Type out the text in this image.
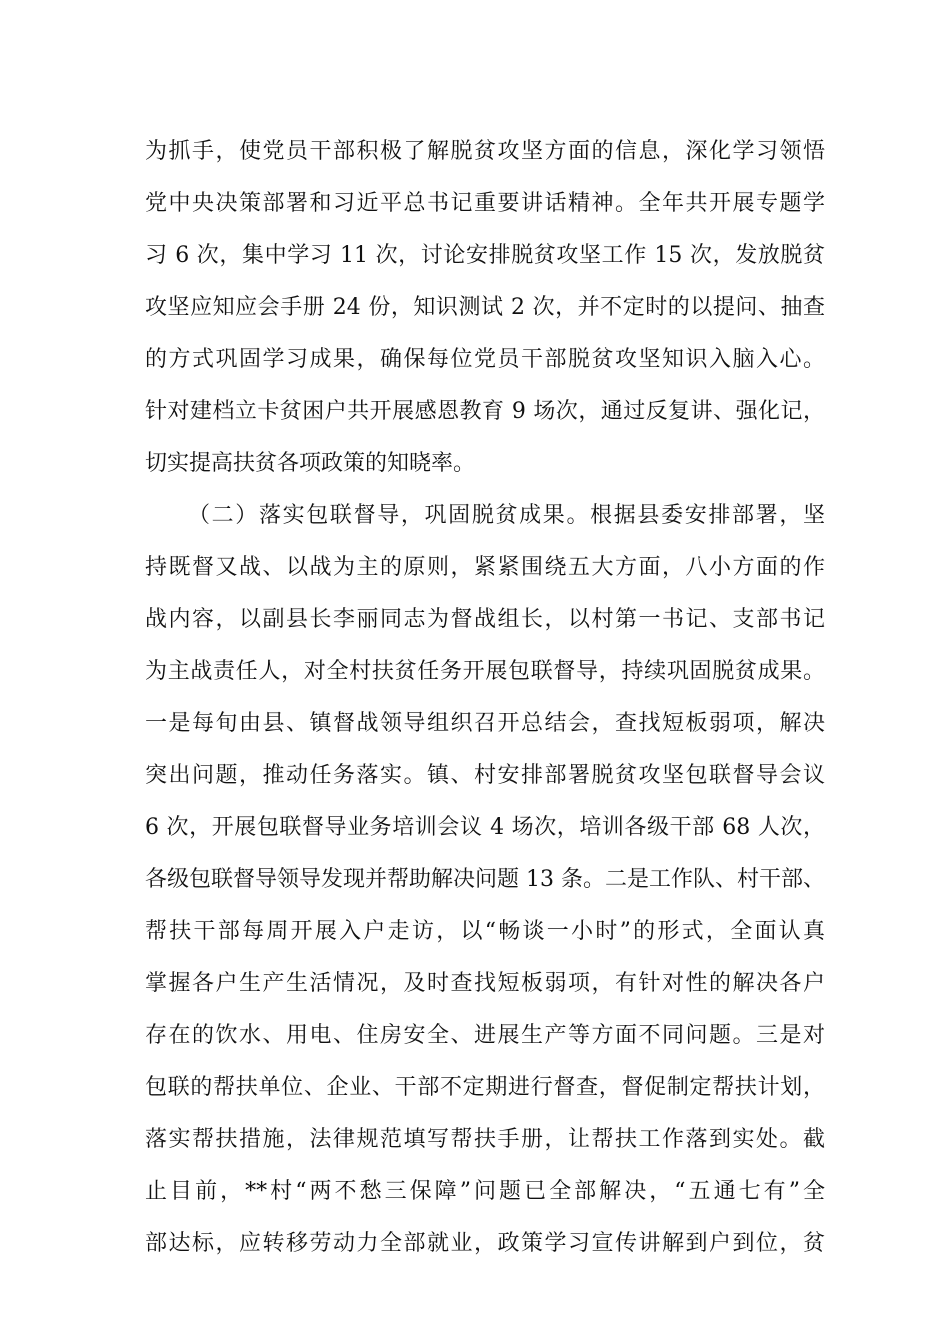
为抓手，使党员干部积极了解脱贫攻坚方面的信息，深化学习领悟
党中央决策部署和习近平总书记重要讲话精神。全年共开展专题学
习 6 次，集中学习 11 次，讨论安排脱贫攻坚工作 15 次，发放脱贫
攻坚应知应会手册 24 份，知识测试 2 次，并不定时的以提问、抽查
的方式巩固学习成果，确保每位党员干部脱贫攻坚知识入脑入心。
针对建档立卡贫困户共开展感恩教育 9 场次，通过反复讲、强化记，
切实提高扶贫各项政策的知晓率。
（二）落实包联督导，巩固脱贫成果。根据县委安排部署，坚
持既督又战、以战为主的原则，紧紧围绕五大方面，八小方面的作
战内容，以副县长李丽同志为督战组长，以村第一书记、支部书记
为主战责任人，对全村扶贫任务开展包联督导，持续巩固脱贫成果。
一是每旬由县、镇督战领导组织召开总结会，查找短板弱项，解决
突出问题，推动任务落实。镇、村安排部署脱贫攻坚包联督导会议
6 次，开展包联督导业务培训会议 4 场次，培训各级干部 68 人次，
各级包联督导领导发现并帮助解决问题 13 条。二是工作队、村干部、
帮扶干部每周开展入户走访，以“畅谈一小时”的形式，全面认真
掌握各户生产生活情况，及时查找短板弱项，有针对性的解决各户
存在的饮水、用电、住房安全、进展生产等方面不同问题。三是对
包联的帮扶单位、企业、干部不定期进行督查，督促制定帮扶计划，
落实帮扶措施，法律规范填写帮扶手册，让帮扶工作落到实处。截
止目前，**村“两不愁三保障”问题已全部解决，“五通七有”全
部达标，应转移劳动力全部就业，政策学习宣传讲解到户到位，贫
